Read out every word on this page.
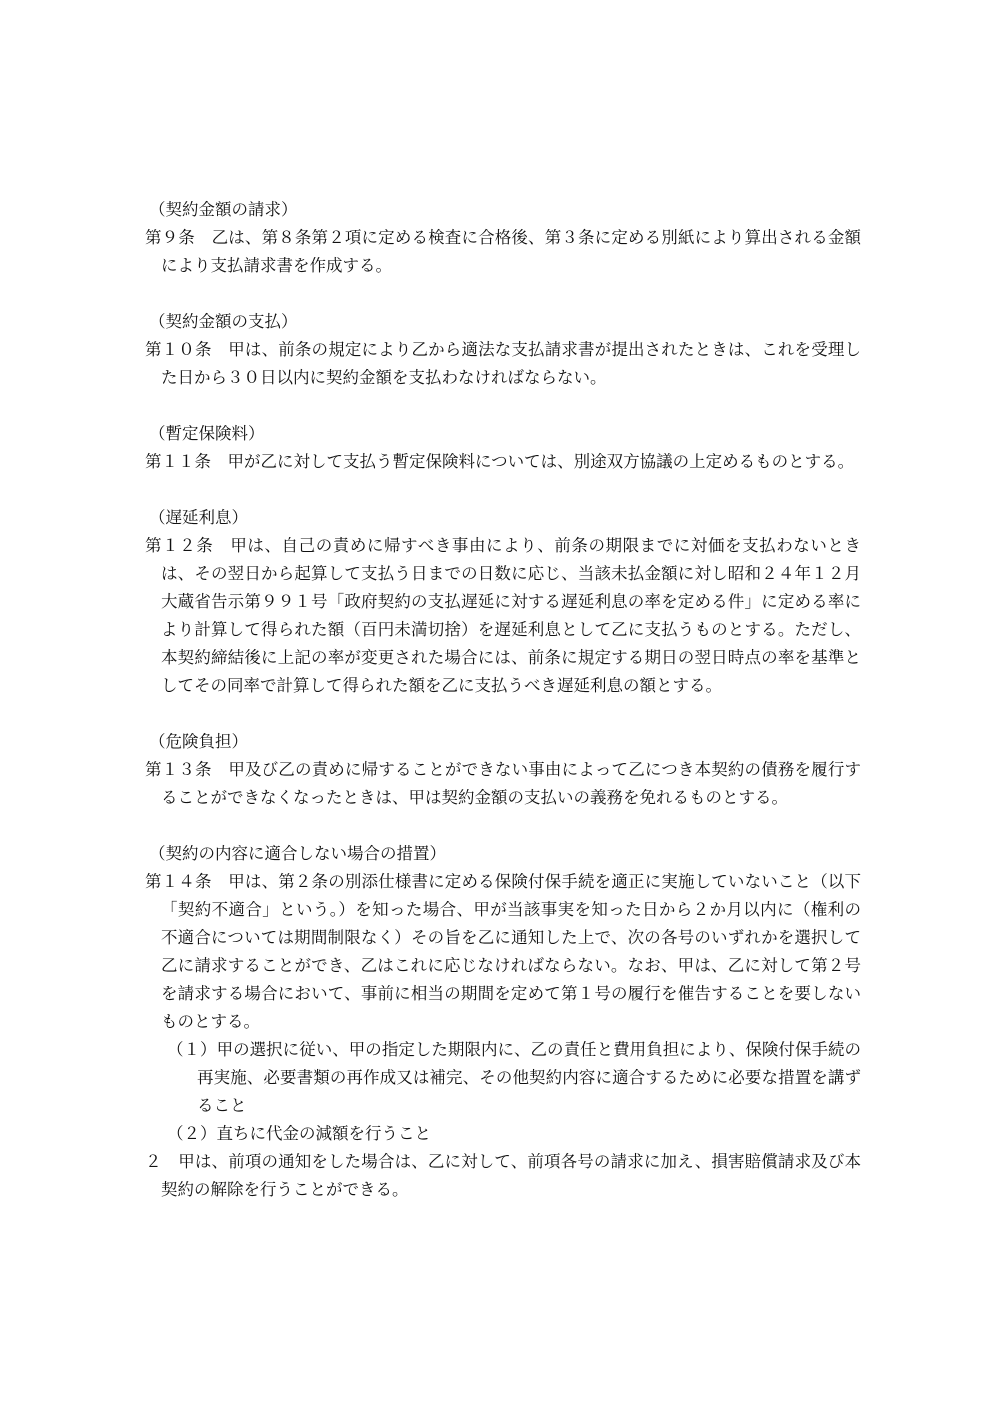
（契約金額の請求）

第９条　乙は、第８条第２項に定める検査に合格後、第３条に定める別紙により算出される金額により支払請求書を作成する。

（契約金額の支払）

第１０条　甲は、前条の規定により乙から適法な支払請求書が提出されたときは、これを受理した日から３０日以内に契約金額を支払わなければならない。

（暫定保険料）

第１１条　甲が乙に対して支払う暫定保険料については、別途双方協議の上定めるものとする。

（遅延利息）

第１２条　甲は、自己の責めに帰すべき事由により、前条の期限までに対価を支払わないときは、その翌日から起算して支払う日までの日数に応じ、当該未払金額に対し昭和２４年１２月大蔵省告示第９９１号「政府契約の支払遅延に対する遅延利息の率を定める件」に定める率により計算して得られた額（百円未満切捨）を遅延利息として乙に支払うものとする。ただし、本契約締結後に上記の率が変更された場合には、前条に規定する期日の翌日時点の率を基準としてその同率で計算して得られた額を乙に支払うべき遅延利息の額とする。

（危険負担）

第１３条　甲及び乙の責めに帰することができない事由によって乙につき本契約の債務を履行することができなくなったときは、甲は契約金額の支払いの義務を免れるものとする。

（契約の内容に適合しない場合の措置）

第１４条　甲は、第２条の別添仕様書に定める保険付保手続を適正に実施していないこと（以下「契約不適合」という。）を知った場合、甲が当該事実を知った日から２か月以内に（権利の不適合については期間制限なく）その旨を乙に通知した上で、次の各号のいずれかを選択して乙に請求することができ、乙はこれに応じなければならない。なお、甲は、乙に対して第２号を請求する場合において、事前に相当の期間を定めて第１号の履行を催告することを要しないものとする。

（１）甲の選択に従い、甲の指定した期限内に、乙の責任と費用負担により、保険付保手続の再実施、必要書類の再作成又は補完、その他契約内容に適合するために必要な措置を講ずること

（２）直ちに代金の減額を行うこと

２　甲は、前項の通知をした場合は、乙に対して、前項各号の請求に加え、損害賠償請求及び本契約の解除を行うことができる。
